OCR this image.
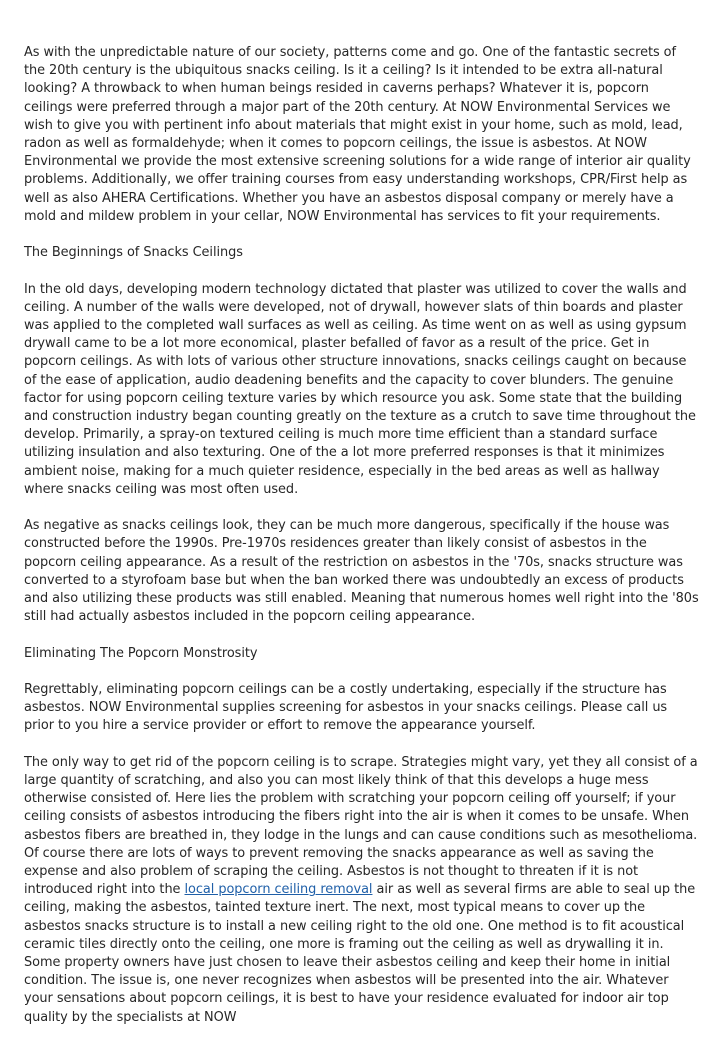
As with the unpredictable nature of our society, patterns come and go. One of the fantastic secrets of the 20th century is the ubiquitous snacks ceiling. Is it a ceiling? Is it intended to be extra all-natural looking? A throwback to when human beings resided in caverns perhaps? Whatever it is, popcorn ceilings were preferred through a major part of the 20th century. At NOW Environmental Services we wish to give you with pertinent info about materials that might exist in your home, such as mold, lead, radon as well as formaldehyde; when it comes to popcorn ceilings, the issue is asbestos. At NOW Environmental we provide the most extensive screening solutions for a wide range of interior air quality problems. Additionally, we offer training courses from easy understanding workshops, CPR/First help as well as also AHERA Certifications. Whether you have an asbestos disposal company or merely have a mold and mildew problem in your cellar, NOW Environmental has services to fit your requirements.

The Beginnings of Snacks Ceilings

In the old days, developing modern technology dictated that plaster was utilized to cover the walls and ceiling. A number of the walls were developed, not of drywall, however slats of thin boards and plaster was applied to the completed wall surfaces as well as ceiling. As time went on as well as using gypsum drywall came to be a lot more economical, plaster befalled of favor as a result of the price. Get in popcorn ceilings. As with lots of various other structure innovations, snacks ceilings caught on because of the ease of application, audio deadening benefits and the capacity to cover blunders. The genuine factor for using popcorn ceiling texture varies by which resource you ask. Some state that the building and construction industry began counting greatly on the texture as a crutch to save time throughout the develop. Primarily, a spray-on textured ceiling is much more time efficient than a standard surface utilizing insulation and also texturing. One of the a lot more preferred responses is that it minimizes ambient noise, making for a much quieter residence, especially in the bed areas as well as hallway where snacks ceiling was most often used.

As negative as snacks ceilings look, they can be much more dangerous, specifically if the house was constructed before the 1990s. Pre-1970s residences greater than likely consist of asbestos in the popcorn ceiling appearance. As a result of the restriction on asbestos in the '70s, snacks structure was converted to a styrofoam base but when the ban worked there was undoubtedly an excess of products and also utilizing these products was still enabled. Meaning that numerous homes well right into the '80s still had actually asbestos included in the popcorn ceiling appearance.

Eliminating The Popcorn Monstrosity

Regrettably, eliminating popcorn ceilings can be a costly undertaking, especially if the structure has asbestos. NOW Environmental supplies screening for asbestos in your snacks ceilings. Please call us prior to you hire a service provider or effort to remove the appearance yourself.

The only way to get rid of the popcorn ceiling is to scrape. Strategies might vary, yet they all consist of a large quantity of scratching, and also you can most likely think of that this develops a huge mess otherwise consisted of. Here lies the problem with scratching your popcorn ceiling off yourself; if your ceiling consists of asbestos introducing the fibers right into the air is when it comes to be unsafe. When asbestos fibers are breathed in, they lodge in the lungs and can cause conditions such as mesothelioma. Of course there are lots of ways to prevent removing the snacks appearance as well as saving the expense and also problem of scraping the ceiling. Asbestos is not thought to threaten if it is not introduced right into the local popcorn ceiling removal air as well as several firms are able to seal up the ceiling, making the asbestos, tainted texture inert. The next, most typical means to cover up the asbestos snacks structure is to install a new ceiling right to the old one. One method is to fit acoustical ceramic tiles directly onto the ceiling, one more is framing out the ceiling as well as drywalling it in. Some property owners have just chosen to leave their asbestos ceiling and keep their home in initial condition. The issue is, one never recognizes when asbestos will be presented into the air. Whatever your sensations about popcorn ceilings, it is best to have your residence evaluated for indoor air top quality by the specialists at NOW
